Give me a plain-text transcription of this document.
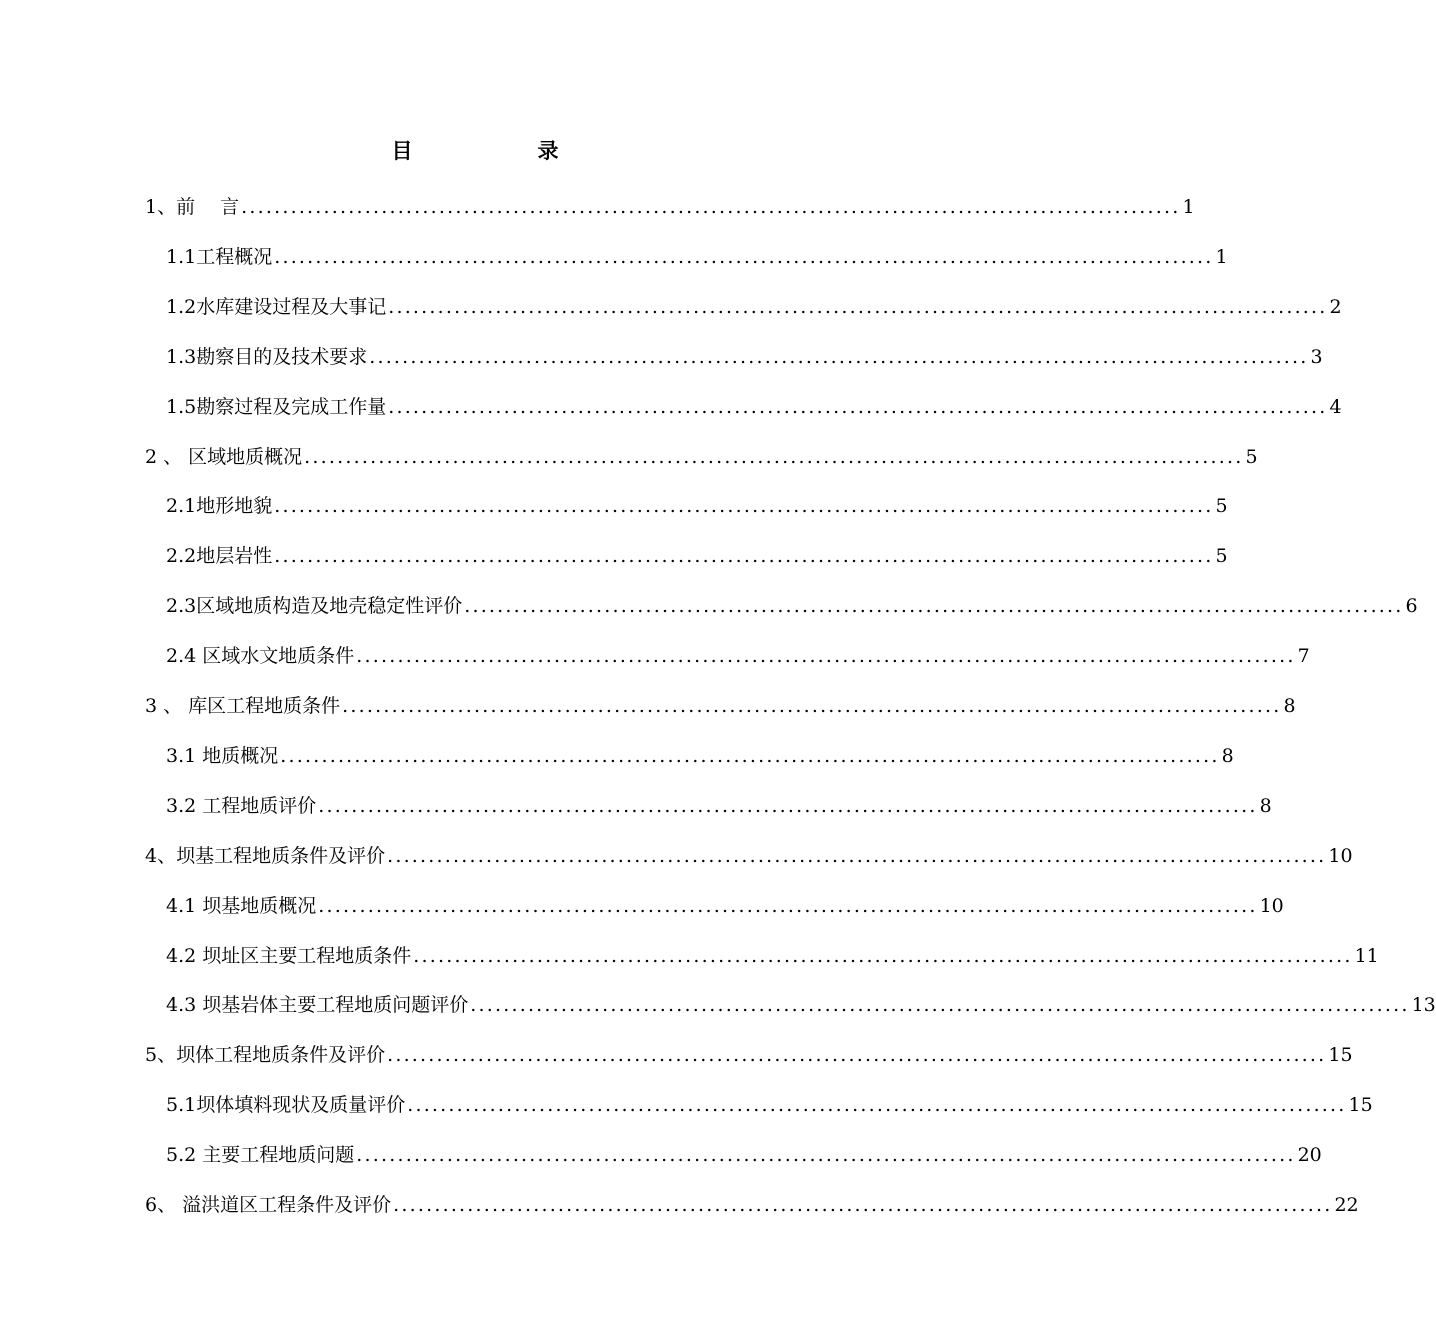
目　录
1、前　 言 .................................................................................................................. 1
1.1工程概况 .................................................................................................................. 1
1.2水库建设过程及大事记 .................................................................................................................. 2
1.3勘察目的及技术要求 .................................................................................................................. 3
1.5勘察过程及完成工作量 .................................................................................................................. 4
2 、 区域地质概况 .................................................................................................................. 5
2.1地形地貌 .................................................................................................................. 5
2.2地层岩性 .................................................................................................................. 5
2.3区域地质构造及地壳稳定性评价 .................................................................................................................. 6
2.4 区域水文地质条件 .................................................................................................................. 7
3 、 库区工程地质条件 .................................................................................................................. 8
3.1 地质概况 .................................................................................................................. 8
3.2 工程地质评价 .................................................................................................................. 8
4、坝基工程地质条件及评价 .................................................................................................................. 10
4.1 坝基地质概况 .................................................................................................................. 10
4.2 坝址区主要工程地质条件 .................................................................................................................. 11
4.3 坝基岩体主要工程地质问题评价 .................................................................................................................. 13
5、坝体工程地质条件及评价 .................................................................................................................. 15
5.1坝体填料现状及质量评价 .................................................................................................................. 15
5.2 主要工程地质问题 .................................................................................................................. 20
6、 溢洪道区工程条件及评价 .................................................................................................................. 22
